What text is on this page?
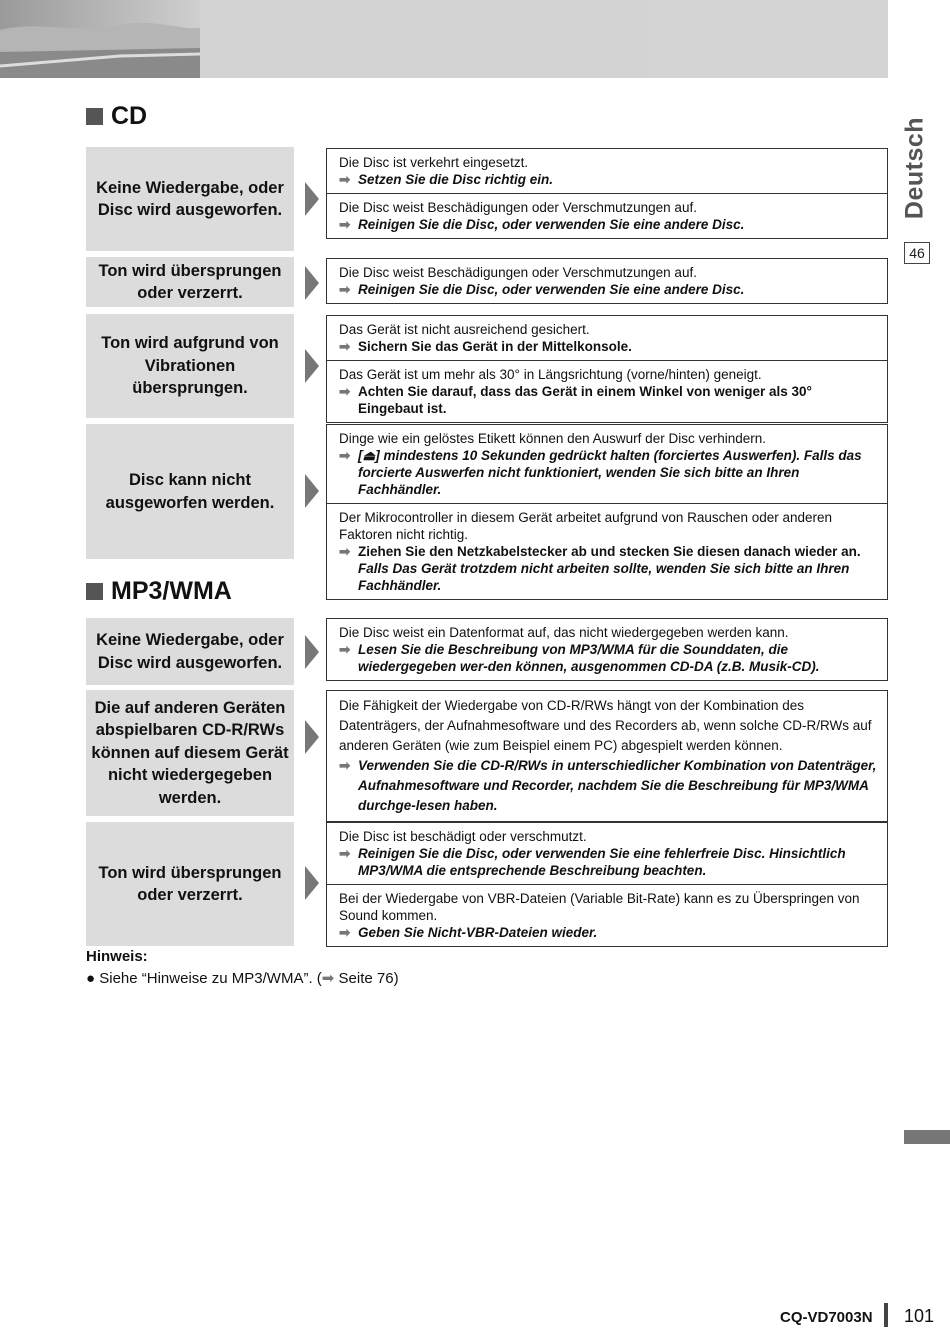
Deutsch
46
CD
Keine Wiedergabe, oder Disc wird ausgeworfen.
Die Disc ist verkehrt eingesetzt.
➡ Setzen Sie die Disc richtig ein.
Die Disc weist Beschädigungen oder Verschmutzungen auf.
➡ Reinigen Sie die Disc, oder verwenden Sie eine andere Disc.
Ton wird übersprungen oder verzerrt.
Die Disc weist Beschädigungen oder Verschmutzungen auf.
➡ Reinigen Sie die Disc, oder verwenden Sie eine andere Disc.
Ton wird aufgrund von Vibrationen übersprungen.
Das Gerät ist nicht ausreichend gesichert.
➡ Sichern Sie das Gerät in der Mittelkonsole.
Das Gerät ist um mehr als 30° in Längsrichtung (vorne/hinten) geneigt.
➡ Achten Sie darauf, dass das Gerät in einem Winkel von weniger als 30° Eingebaut ist.
Disc kann nicht ausgeworfen werden.
Dinge wie ein gelöstes Etikett können den Auswurf der Disc verhindern.
➡ [⏏] mindestens 10 Sekunden gedrückt halten (forciertes Auswerfen). Falls das forcierte Auswerfen nicht funktioniert, wenden Sie sich bitte an Ihren Fachhändler.
Der Mikrocontroller in diesem Gerät arbeitet aufgrund von Rauschen oder anderen Faktoren nicht richtig.
➡ Ziehen Sie den Netzkabelstecker ab und stecken Sie diesen danach wieder an.  Falls Das Gerät trotzdem nicht arbeiten sollte, wenden Sie sich bitte an Ihren Fachhändler.
MP3/WMA
Keine Wiedergabe, oder Disc wird ausgeworfen.
Die Disc weist ein Datenformat auf, das nicht wiedergegeben werden kann.
➡ Lesen Sie die Beschreibung von MP3/WMA für die Sounddaten, die wiedergegeben wer-den können, ausgenommen CD-DA (z.B. Musik-CD).
Die auf anderen Geräten abspielbaren CD-R/RWs können auf diesem Gerät nicht wiedergegeben werden.
Die Fähigkeit der Wiedergabe von CD-R/RWs hängt von der Kombination des Datenträgers, der Aufnahmesoftware und des Recorders ab, wenn solche CD-R/RWs auf anderen Geräten (wie zum Beispiel einem PC) abgespielt werden können.
➡ Verwenden Sie die CD-R/RWs in unterschiedlicher Kombination von Datenträger, Aufnahmesoftware und Recorder, nachdem Sie die Beschreibung für MP3/WMA durchge-lesen haben.
Ton wird übersprungen oder verzerrt.
Die Disc ist beschädigt oder verschmutzt.
➡ Reinigen Sie die Disc, oder verwenden Sie eine fehlerfreie Disc. Hinsichtlich MP3/WMA die entsprechende Beschreibung beachten.
Bei der Wiedergabe von VBR-Dateien (Variable Bit-Rate) kann es zu Überspringen von Sound kommen.
➡ Geben Sie Nicht-VBR-Dateien wieder.
Hinweis:
● Siehe “Hinweise zu MP3/WMA”. (➡ Seite 76)
CQ-VD7003N 101
